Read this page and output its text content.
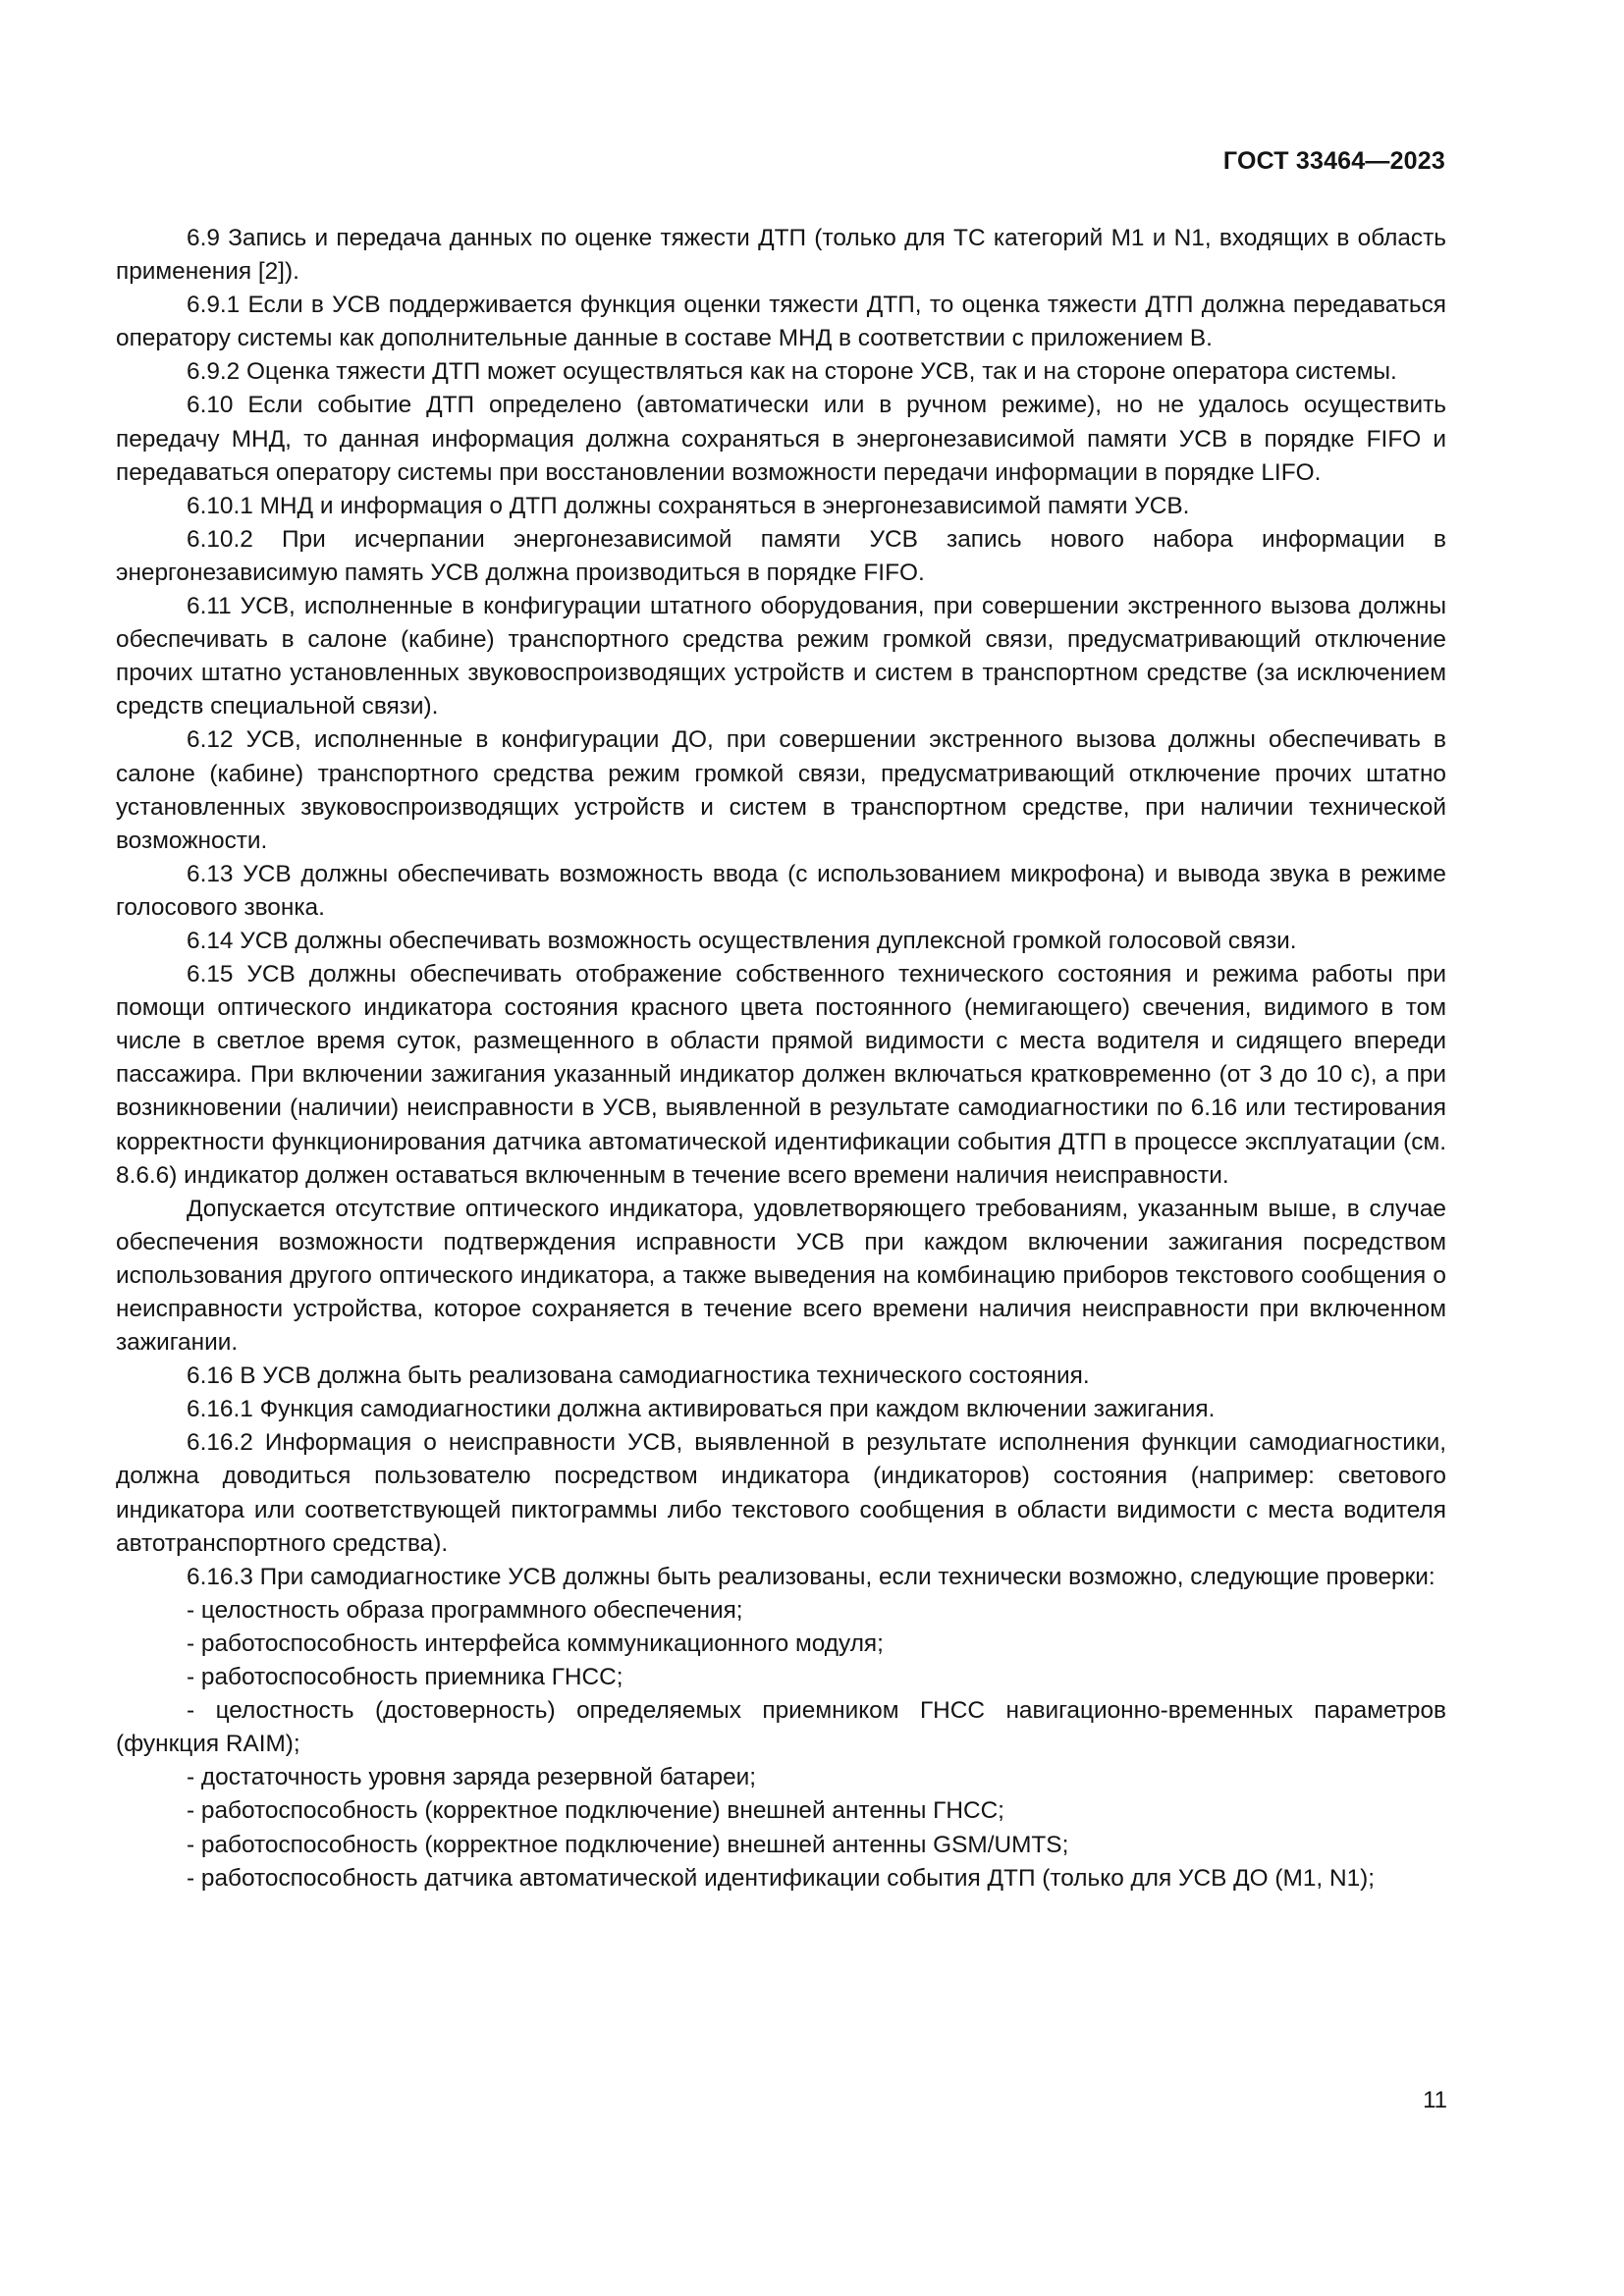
ГОСТ 33464—2023

6.9 Запись и передача данных по оценке тяжести ДТП (только для ТС категорий М1 и N1, входящих в область применения [2]).

6.9.1 Если в УСВ поддерживается функция оценки тяжести ДТП, то оценка тяжести ДТП должна передаваться оператору системы как дополнительные данные в составе МНД в соответствии с приложением В.

6.9.2 Оценка тяжести ДТП может осуществляться как на стороне УСВ, так и на стороне оператора системы.

6.10 Если событие ДТП определено (автоматически или в ручном режиме), но не удалось осуществить передачу МНД, то данная информация должна сохраняться в энергонезависимой памяти УСВ в порядке FIFO и передаваться оператору системы при восстановлении возможности передачи информации в порядке LIFO.

6.10.1 МНД и информация о ДТП должны сохраняться в энергонезависимой памяти УСВ.

6.10.2 При исчерпании энергонезависимой памяти УСВ запись нового набора информации в энергонезависимую память УСВ должна производиться в порядке FIFO.

6.11 УСВ, исполненные в конфигурации штатного оборудования, при совершении экстренного вызова должны обеспечивать в салоне (кабине) транспортного средства режим громкой связи, предусматривающий отключение прочих штатно установленных звуковоспроизводящих устройств и систем в транспортном средстве (за исключением средств специальной связи).

6.12 УСВ, исполненные в конфигурации ДО, при совершении экстренного вызова должны обеспечивать в салоне (кабине) транспортного средства режим громкой связи, предусматривающий отключение прочих штатно установленных звуковоспроизводящих устройств и систем в транспортном средстве, при наличии технической возможности.

6.13 УСВ должны обеспечивать возможность ввода (с использованием микрофона) и вывода звука в режиме голосового звонка.

6.14 УСВ должны обеспечивать возможность осуществления дуплексной громкой голосовой связи.

6.15 УСВ должны обеспечивать отображение собственного технического состояния и режима работы при помощи оптического индикатора состояния красного цвета постоянного (немигающего) свечения, видимого в том числе в светлое время суток, размещенного в области прямой видимости с места водителя и сидящего впереди пассажира. При включении зажигания указанный индикатор должен включаться кратковременно (от 3 до 10 с), а при возникновении (наличии) неисправности в УСВ, выявленной в результате самодиагностики по 6.16 или тестирования корректности функционирования датчика автоматической идентификации события ДТП в процессе эксплуатации (см. 8.6.6) индикатор должен оставаться включенным в течение всего времени наличия неисправности.

Допускается отсутствие оптического индикатора, удовлетворяющего требованиям, указанным выше, в случае обеспечения возможности подтверждения исправности УСВ при каждом включении зажигания посредством использования другого оптического индикатора, а также выведения на комбинацию приборов текстового сообщения о неисправности устройства, которое сохраняется в течение всего времени наличия неисправности при включенном зажигании.

6.16 В УСВ должна быть реализована самодиагностика технического состояния.

6.16.1 Функция самодиагностики должна активироваться при каждом включении зажигания.

6.16.2 Информация о неисправности УСВ, выявленной в результате исполнения функции самодиагностики, должна доводиться пользователю посредством индикатора (индикаторов) состояния (например: светового индикатора или соответствующей пиктограммы либо текстового сообщения в области видимости с места водителя автотранспортного средства).

6.16.3 При самодиагностике УСВ должны быть реализованы, если технически возможно, следующие проверки:

- целостность образа программного обеспечения;

- работоспособность интерфейса коммуникационного модуля;

- работоспособность приемника ГНСС;

- целостность (достоверность) определяемых приемником ГНСС навигационно-временных параметров (функция RAIM);

- достаточность уровня заряда резервной батареи;

- работоспособность (корректное подключение) внешней антенны ГНСС;

- работоспособность (корректное подключение) внешней антенны GSM/UMTS;

- работоспособность датчика автоматической идентификации события ДТП (только для УСВ ДО (М1, N1);

11
